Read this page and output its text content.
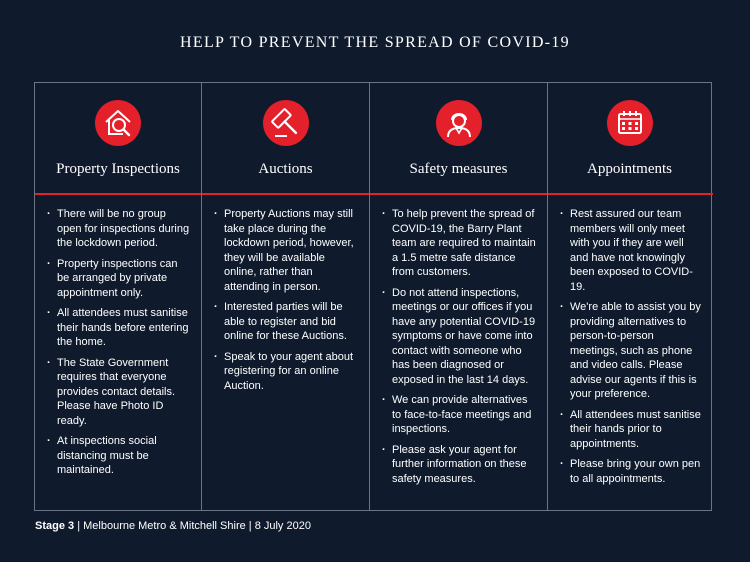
HELP TO PREVENT THE SPREAD OF COVID-19
Property Inspections
· There will be no group open for inspections during the lockdown period.
· Property inspections can be arranged by private appointment only.
· All attendees must sanitise their hands before entering the home.
· The State Government requires that everyone provides contact details. Please have Photo ID ready.
· At inspections social distancing must be maintained.
Auctions
· Property Auctions may still take place during the lockdown period, however, they will be available online, rather than attending in person.
· Interested parties will be able to register and bid online for these Auctions.
· Speak to your agent about registering for an online Auction.
Safety measures
· To help prevent the spread of COVID-19, the Barry Plant team are required to maintain a 1.5 metre safe distance from customers.
· Do not attend inspections, meetings or our offices if you have any potential COVID-19 symptoms or have come into contact with someone who has been diagnosed or exposed in the last 14 days.
· We can provide alternatives to face-to-face meetings and inspections.
· Please ask your agent for further information on these safety measures.
Appointments
· Rest assured our team members will only meet with you if they are well and have not knowingly been exposed to COVID-19.
· We're able to assist you by providing alternatives to person-to-person meetings, such as phone and video calls. Please advise our agents if this is your preference.
· All attendees must sanitise their hands prior to appointments.
· Please bring your own pen to all appointments.
Stage 3 | Melbourne Metro & Mitchell Shire | 8 July 2020
